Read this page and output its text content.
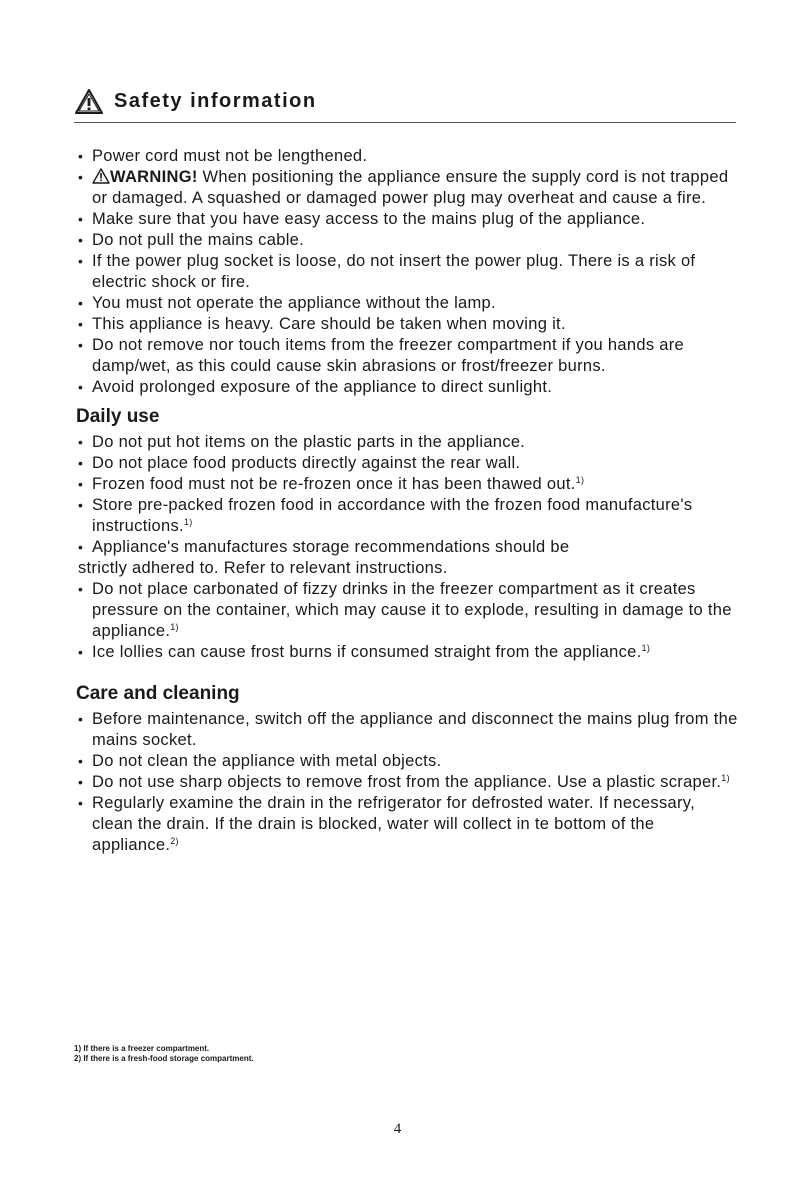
Safety information
• Power cord must not be lengthened.
• WARNING! When positioning the appliance ensure the supply cord is not trapped or damaged. A squashed or damaged power plug may overheat and cause a fire.
• Make sure that you have easy access to the mains plug of the appliance.
• Do not pull the mains cable.
• If the power plug socket is loose, do not insert the power plug. There is a risk of electric shock or fire.
• You must not operate the appliance without the lamp.
• This appliance is heavy. Care should be taken when moving it.
• Do not remove nor touch items from the freezer compartment if you hands are damp/wet, as this could cause skin abrasions or frost/freezer burns.
• Avoid prolonged exposure of the appliance to direct sunlight.
Daily use
• Do not put hot items on the plastic parts in the appliance.
• Do not place food products directly against the rear wall.
• Frozen food must not be re-frozen once it has been thawed out.$^{1)}$
• Store pre-packed frozen food in accordance with the frozen food manufacture's instructions.$^{1)}$
• Appliance's manufactures storage recommendations should be
strictly adhered to. Refer to relevant instructions.
• Do not place carbonated of fizzy drinks in the freezer compartment as it creates pressure on the container, which may cause it to explode, resulting in damage to the appliance.$^{1)}$
• Ice lollies can cause frost burns if consumed straight from the appliance.$^{1)}$
Care and cleaning
• Before maintenance, switch off the appliance and disconnect the mains plug from the mains socket.
• Do not clean the appliance with metal objects.
• Do not use sharp objects to remove frost from the appliance. Use a plastic scraper.$^{1)}$
• Regularly examine the drain in the refrigerator for defrosted water. If necessary, clean the drain. If the drain is blocked, water will collect in te bottom of the appliance.$^{2)}$
1) If there is a freezer compartment.
2) If there is a fresh-food storage compartment.
4
